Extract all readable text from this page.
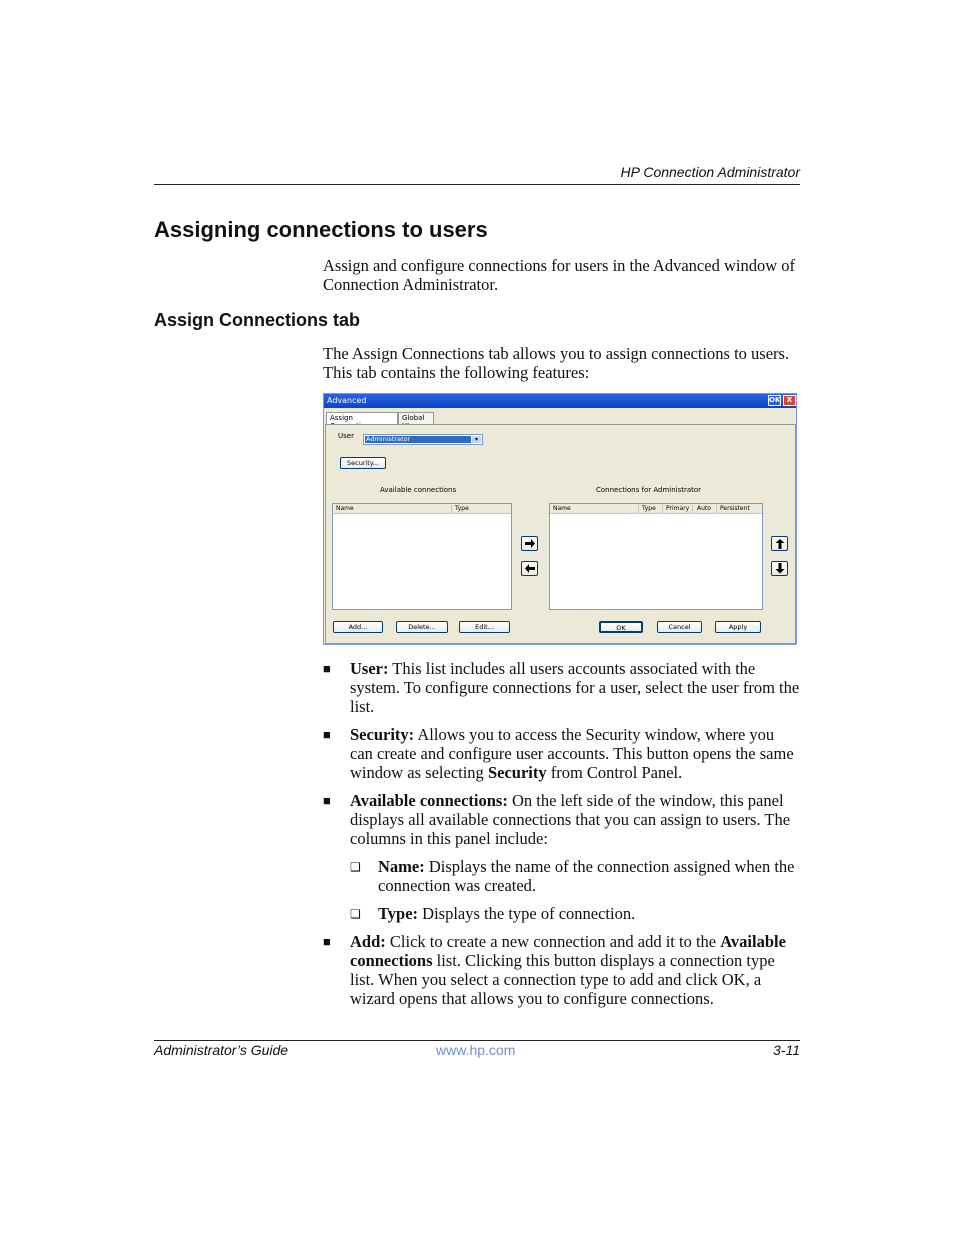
HP Connection Administrator
Assigning connections to users

Assign and configure connections for users in the Advanced window of Connection Administrator.

Assign Connections tab

The Assign Connections tab allows you to assign connections to users. This tab contains the following features:

Advanced	OK X
Assign	Global
User Administrator	▾
Security...
Available connections	Connections for Administrator
Name	Type	Name	Type Primary Auto Persistent
Add...	Delete...	Edit...	OK	Cancel	Apply

■ User: This list includes all users accounts associated with the system. To configure connections for a user, select the user from the list.

■ Security: Allows you to access the Security window, where you can create and configure user accounts. This button opens the same window as selecting Security from Control Panel.

■ Available connections: On the left side of the window, this panel displays all available connections that you can assign to users. The columns in this panel include:

❑ Name: Displays the name of the connection assigned when the connection was created.

❑ Type: Displays the type of connection.

■ Add: Click to create a new connection and add it to the Available connections list. Clicking this button displays a connection type list. When you select a connection type to add and click OK, a wizard opens that allows you to configure connections.

Administrator’s Guide	www.hp.com	3-11
